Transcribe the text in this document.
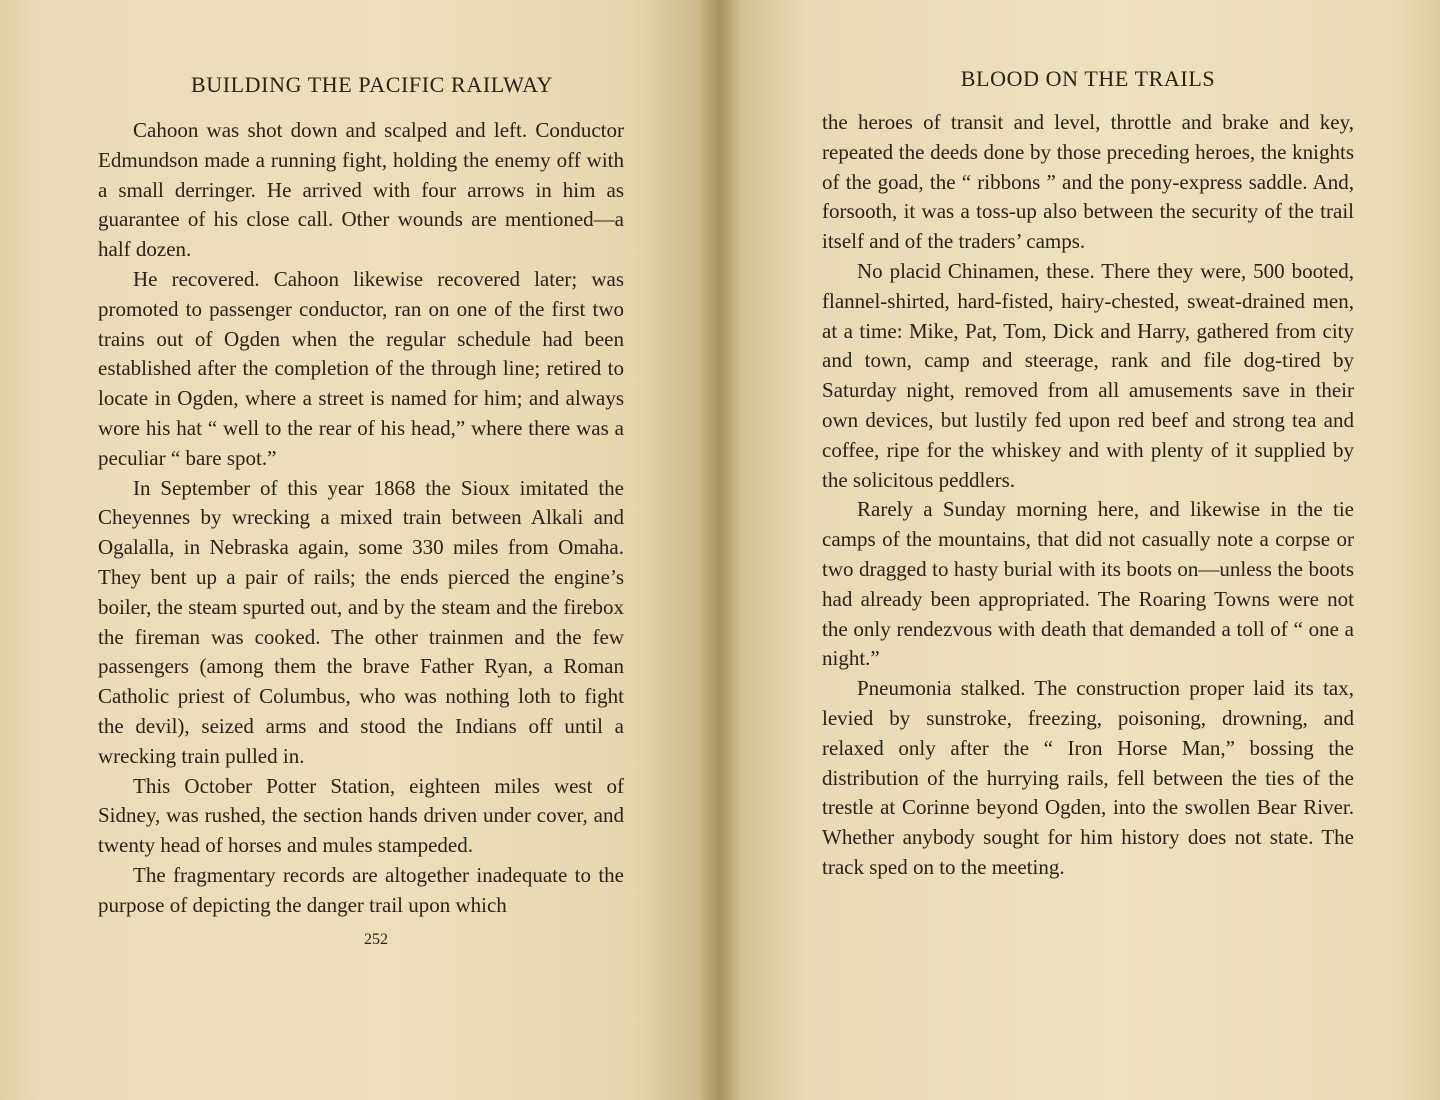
BUILDING THE PACIFIC RAILWAY

Cahoon was shot down and scalped and left. Conductor Edmundson made a running fight, holding the enemy off with a small derringer. He arrived with four arrows in him as guarantee of his close call. Other wounds are mentioned—a half dozen.

He recovered. Cahoon likewise recovered later; was promoted to passenger conductor, ran on one of the first two trains out of Ogden when the regular schedule had been established after the completion of the through line; retired to locate in Ogden, where a street is named for him; and always wore his hat “ well to the rear of his head,” where there was a peculiar “ bare spot.”

In September of this year 1868 the Sioux imitated the Cheyennes by wrecking a mixed train between Alkali and Ogalalla, in Nebraska again, some 330 miles from Omaha. They bent up a pair of rails; the ends pierced the engine’s boiler, the steam spurted out, and by the steam and the firebox the fireman was cooked. The other trainmen and the few passengers (among them the brave Father Ryan, a Roman Catholic priest of Columbus, who was nothing loth to fight the devil), seized arms and stood the Indians off until a wrecking train pulled in.

This October Potter Station, eighteen miles west of Sidney, was rushed, the section hands driven under cover, and twenty head of horses and mules stampeded.

The fragmentary records are altogether inadequate to the purpose of depicting the danger trail upon which

252
BLOOD ON THE TRAILS

the heroes of transit and level, throttle and brake and key, repeated the deeds done by those preceding heroes, the knights of the goad, the “ ribbons ” and the pony-express saddle. And, forsooth, it was a toss-up also between the security of the trail itself and of the traders’ camps.

No placid Chinamen, these. There they were, 500 booted, flannel-shirted, hard-fisted, hairy-chested, sweat-drained men, at a time: Mike, Pat, Tom, Dick and Harry, gathered from city and town, camp and steerage, rank and file dog-tired by Saturday night, removed from all amusements save in their own devices, but lustily fed upon red beef and strong tea and coffee, ripe for the whiskey and with plenty of it supplied by the solicitous peddlers.

Rarely a Sunday morning here, and likewise in the tie camps of the mountains, that did not casually note a corpse or two dragged to hasty burial with its boots on—unless the boots had already been appropriated. The Roaring Towns were not the only rendezvous with death that demanded a toll of “ one a night.”

Pneumonia stalked. The construction proper laid its tax, levied by sunstroke, freezing, poisoning, drowning, and relaxed only after the “ Iron Horse Man,” bossing the distribution of the hurrying rails, fell between the ties of the trestle at Corinne beyond Ogden, into the swollen Bear River. Whether anybody sought for him history does not state. The track sped on to the meeting.
